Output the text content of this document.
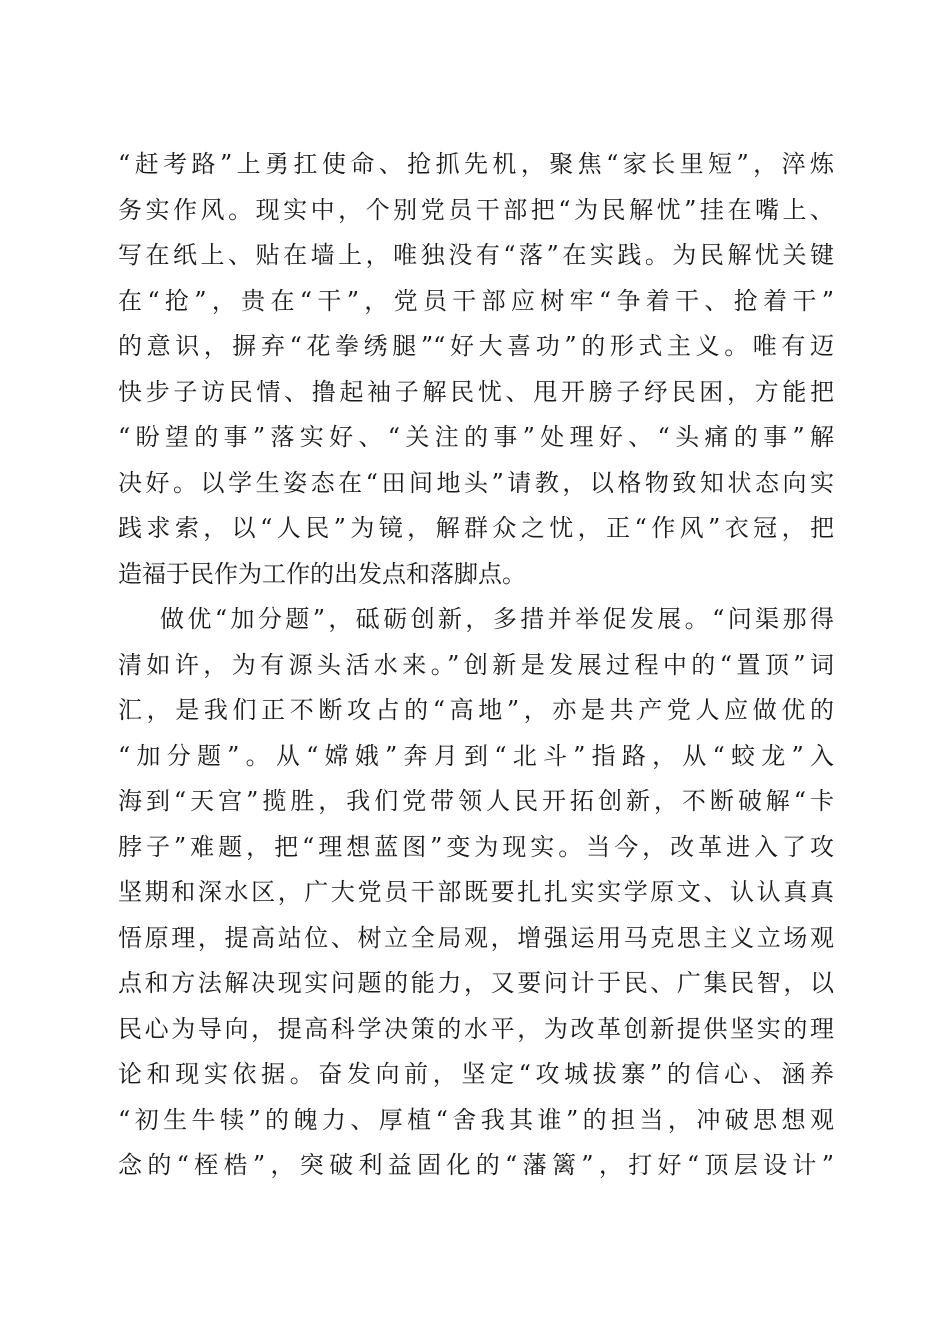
“赶考路”上勇扛使命、抢抓先机，聚焦“家长里短”，淬炼
务实作风。现实中，个别党员干部把“为民解忧”挂在嘴上、
写在纸上、贴在墙上，唯独没有“落”在实践。为民解忧关键
在“抢”，贵在“干”，党员干部应树牢“争着干、抢着干”
的意识，摒弃“花拳绣腿”“好大喜功”的形式主义。唯有迈
快步子访民情、撸起袖子解民忧、甩开膀子纾民困，方能把
“盼望的事”落实好、“关注的事”处理好、“头痛的事”解
决好。以学生姿态在“田间地头”请教，以格物致知状态向实
践求索，以“人民”为镜，解群众之忧，正“作风”衣冠，把
造福于民作为工作的出发点和落脚点。
做优“加分题”，砥砺创新，多措并举促发展。“问渠那得
清如许，为有源头活水来。”创新是发展过程中的“置顶”词
汇，是我们正不断攻占的“高地”，亦是共产党人应做优的
“加分题”。从“嫦娥”奔月到“北斗”指路，从“蛟龙”入
海到“天宫”揽胜，我们党带领人民开拓创新，不断破解“卡
脖子”难题，把“理想蓝图”变为现实。当今，改革进入了攻
坚期和深水区，广大党员干部既要扎扎实实学原文、认认真真
悟原理，提高站位、树立全局观，增强运用马克思主义立场观
点和方法解决现实问题的能力，又要问计于民、广集民智，以
民心为导向，提高科学决策的水平，为改革创新提供坚实的理
论和现实依据。奋发向前，坚定“攻城拔寨”的信心、涵养
“初生牛犊”的魄力、厚植“舍我其谁”的担当，冲破思想观
念的“桎梏”，突破利益固化的“藩篱”，打好“顶层设计”
